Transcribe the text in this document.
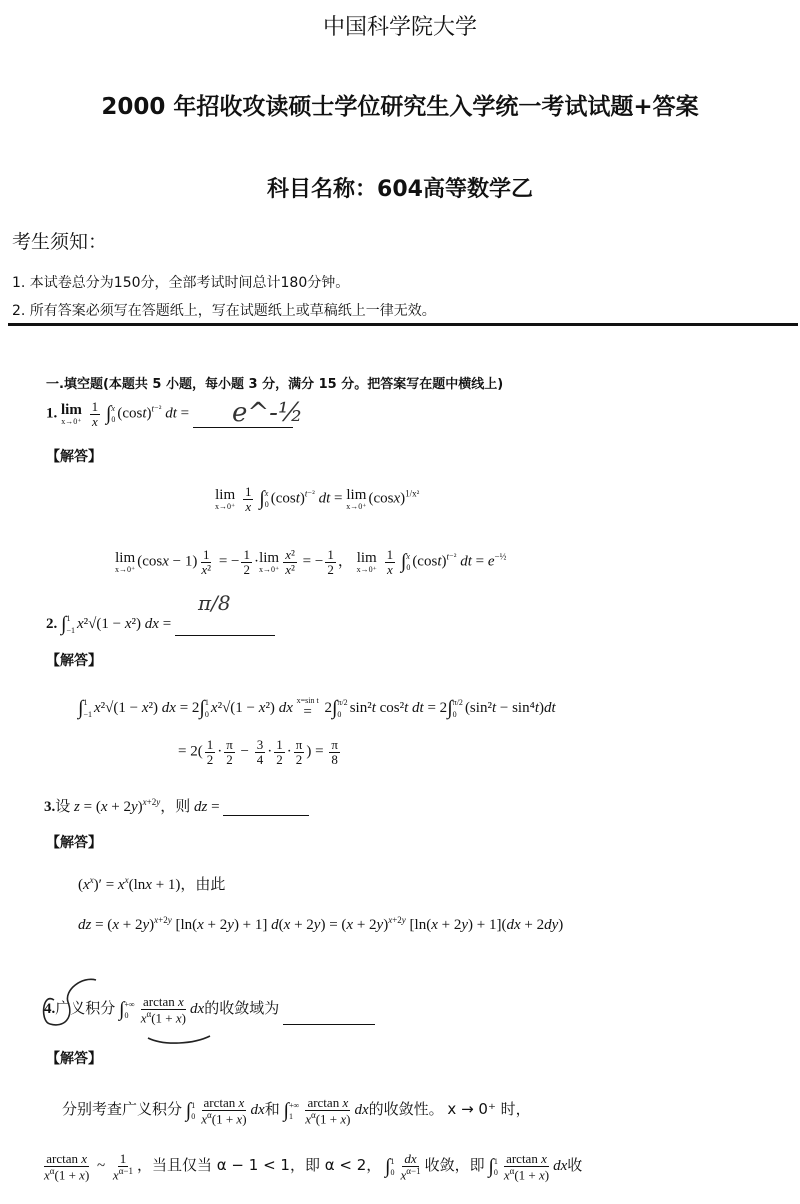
中国科学院大学
2000 年招收攻读硕士学位研究生入学统一考试试题+答案
科目名称：604高等数学乙
考生须知：
1. 本试卷总分为150分，全部考试时间总计180分钟。
2. 所有答案必须写在答题纸上，写在试题纸上或草稿纸上一律无效。
一.填空题(本题共 5 小题，每小题 3 分，满分 15 分。把答案写在题中横线上)
1. lim
x→0⁺
$\frac{1}{x}$ ∫ x
0 $(\cos t)^{t^{-2}}$ dt =	e^-½
【解答】
lim
x→0⁺
$\frac{1}{x}$ ∫ x
0 $(\cos t)^{t^{-2}}$ dt = lim
x→0⁺ $(\cos x)^{1/x^2}$
lim
x→0⁺ $(\cos x - 1) \frac{1}{\text{x²}}$ = − $\frac{1}{2} \cdot \lim$
$x\to 0^+ \frac{\text{x²}}{\text{x²}}$ = − $\frac{1}{2}$ ， lim
x→0⁺
$\frac{1}{x}$ ∫ x
0 $(\cos t)^{t^{-2}}$ dt = $e^{-\frac{1}{2}}$
2. ∫ 1
−1 x²√(1 − x²) dx =
π/8
【解答】
∫ 1
−1 x²√(1 − x²) dx = 2∫ 1
0 x²√(1 − x²) dx x=sin t
= 2∫ π/2
0 sin²t cos²t dt = 2∫ π/2
0 (sin²t − sin⁴t)dt
= $2( \frac{1}{2} \cdot \frac{\pi}{2} - \frac{3}{4} \cdot \frac{1}{2} \cdot \frac{\pi}{2}$ ) = $\frac{\pi}{8}$
3.设 $z = (x + 2y)^{x+2y}$，则 dz =
【解答】
$(x^x)' = x^x(\ln x + 1)$，由此
dz = $(x + 2y)^{x+2y}$ [ln(x + 2y) + 1] $d(x + 2y) = (x + 2y)^{x+2y}$ [ln(x + 2y) + 1](dx + 2dy)
4.广义积分 ∫ +∞
$0 \frac{\text{arctan x}}{x^\alpha(1 + x)}$ dx的收敛域为
【解答】
分别考查广义积分 ∫ 1
$0 \frac{\text{arctan x}}{x^\alpha(1 + x)}$ dx和 ∫ +∞
$1 \frac{\text{arctan x}}{x^\alpha(1 + x)}$ dx的收敛性。 x → 0⁺ 时，
$\frac{\text{arctan x}}{x^\alpha(1 + x)}$ ~ $\frac{1}{x^{\alpha-1}}$ ，当且仅当 α − 1 < 1，即 α < 2， ∫ 1
$0 \frac{dx}{x^{\alpha-1}}$ 收敛，即 ∫ 1
$0 \frac{\text{arctan x}}{x^\alpha(1 + x)}$ dx收
